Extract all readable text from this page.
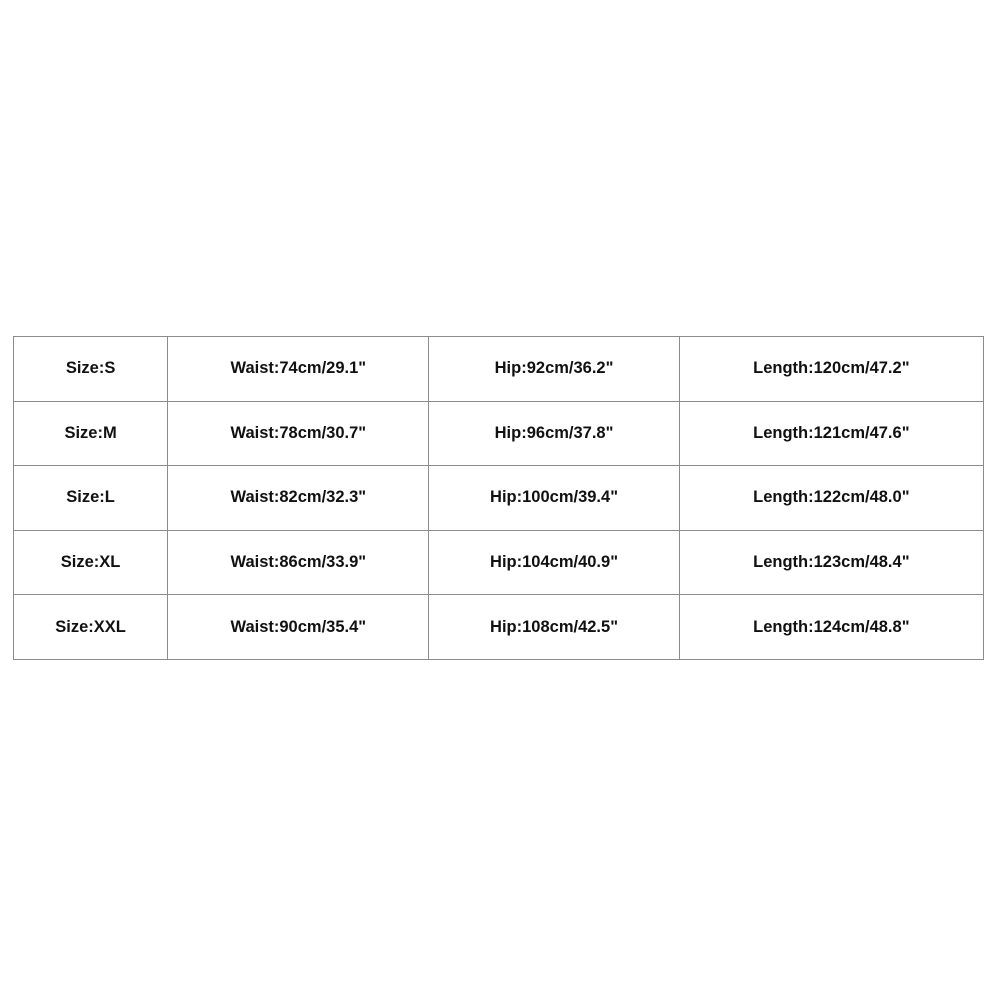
Size:S	Waist:74cm/29.1"	Hip:92cm/36.2"	Length:120cm/47.2"
Size:M	Waist:78cm/30.7"	Hip:96cm/37.8"	Length:121cm/47.6"
Size:L	Waist:82cm/32.3"	Hip:100cm/39.4"	Length:122cm/48.0"
Size:XL	Waist:86cm/33.9"	Hip:104cm/40.9"	Length:123cm/48.4"
Size:XXL	Waist:90cm/35.4"	Hip:108cm/42.5"	Length:124cm/48.8"
